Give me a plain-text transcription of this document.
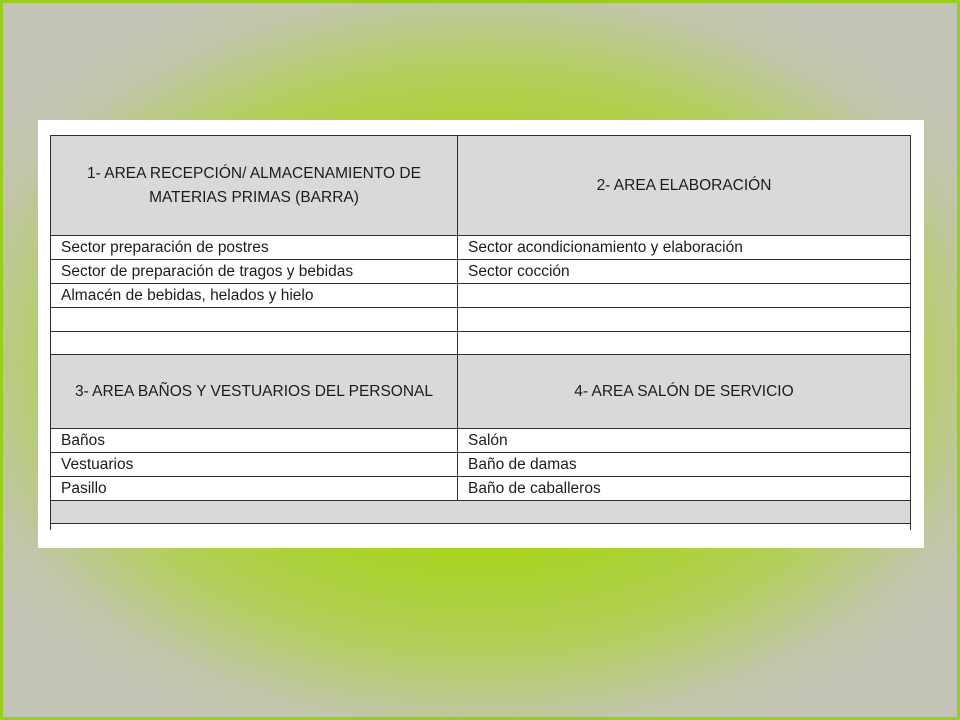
1- AREA RECEPCIÓN/ ALMACENAMIENTO DE MATERIAS PRIMAS (BARRA)	2- AREA ELABORACIÓN
Sector preparación de postres	Sector acondicionamiento y elaboración
Sector de preparación de tragos y bebidas	Sector cocción
Almacén de bebidas, helados y hielo	

3- AREA BAÑOS Y VESTUARIOS DEL PERSONAL	4- AREA SALÓN DE SERVICIO
Baños	Salón
Vestuarios	Baño de damas
Pasillo	Baño de caballeros
